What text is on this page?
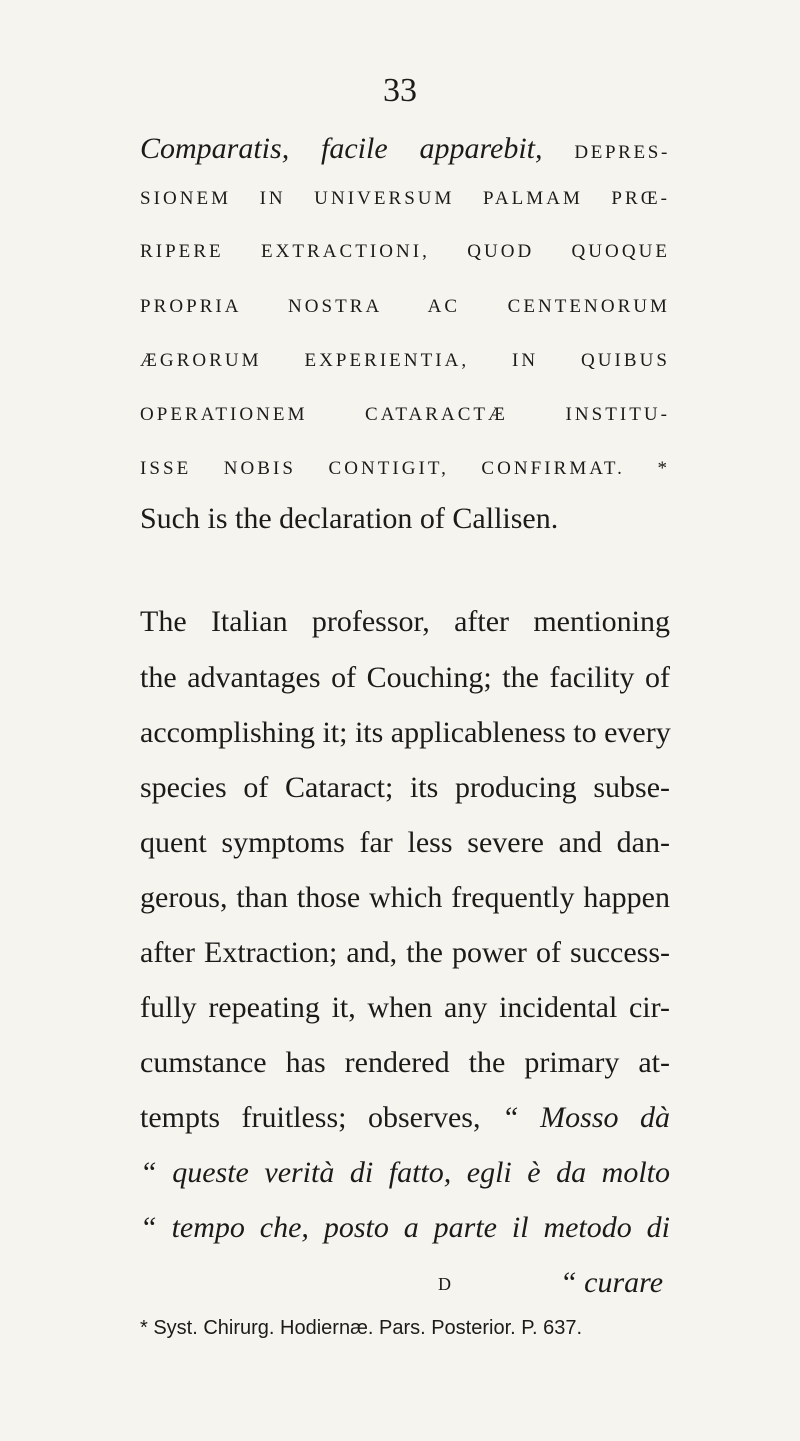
33
Comparatis, facile apparebit, DEPRES-
SIONEM IN UNIVERSUM PALMAM PRŒ-
RIPERE EXTRACTIONI, QUOD QUOQUE
PROPRIA NOSTRA AC CENTENORUM
ÆGRORUM EXPERIENTIA, IN QUIBUS
OPERATIONEM CATARACTÆ INSTITU-
ISSE NOBIS CONTIGIT, CONFIRMAT. *
Such is the declaration of Callisen.
The Italian professor, after mentioning
the advantages of Couching; the facility of
accomplishing it; its applicableness to every
species of Cataract; its producing subse-
quent symptoms far less severe and dan-
gerous, than those which frequently happen
after Extraction; and, the power of success-
fully repeating it, when any incidental cir-
cumstance has rendered the primary at-
tempts fruitless; observes, “ Mosso dà
“ queste verità di fatto, egli è da molto
“ tempo che, posto a parte il metodo di
D	“ curare
* Syst. Chirurg. Hodiernæ. Pars. Posterior. P. 637.
